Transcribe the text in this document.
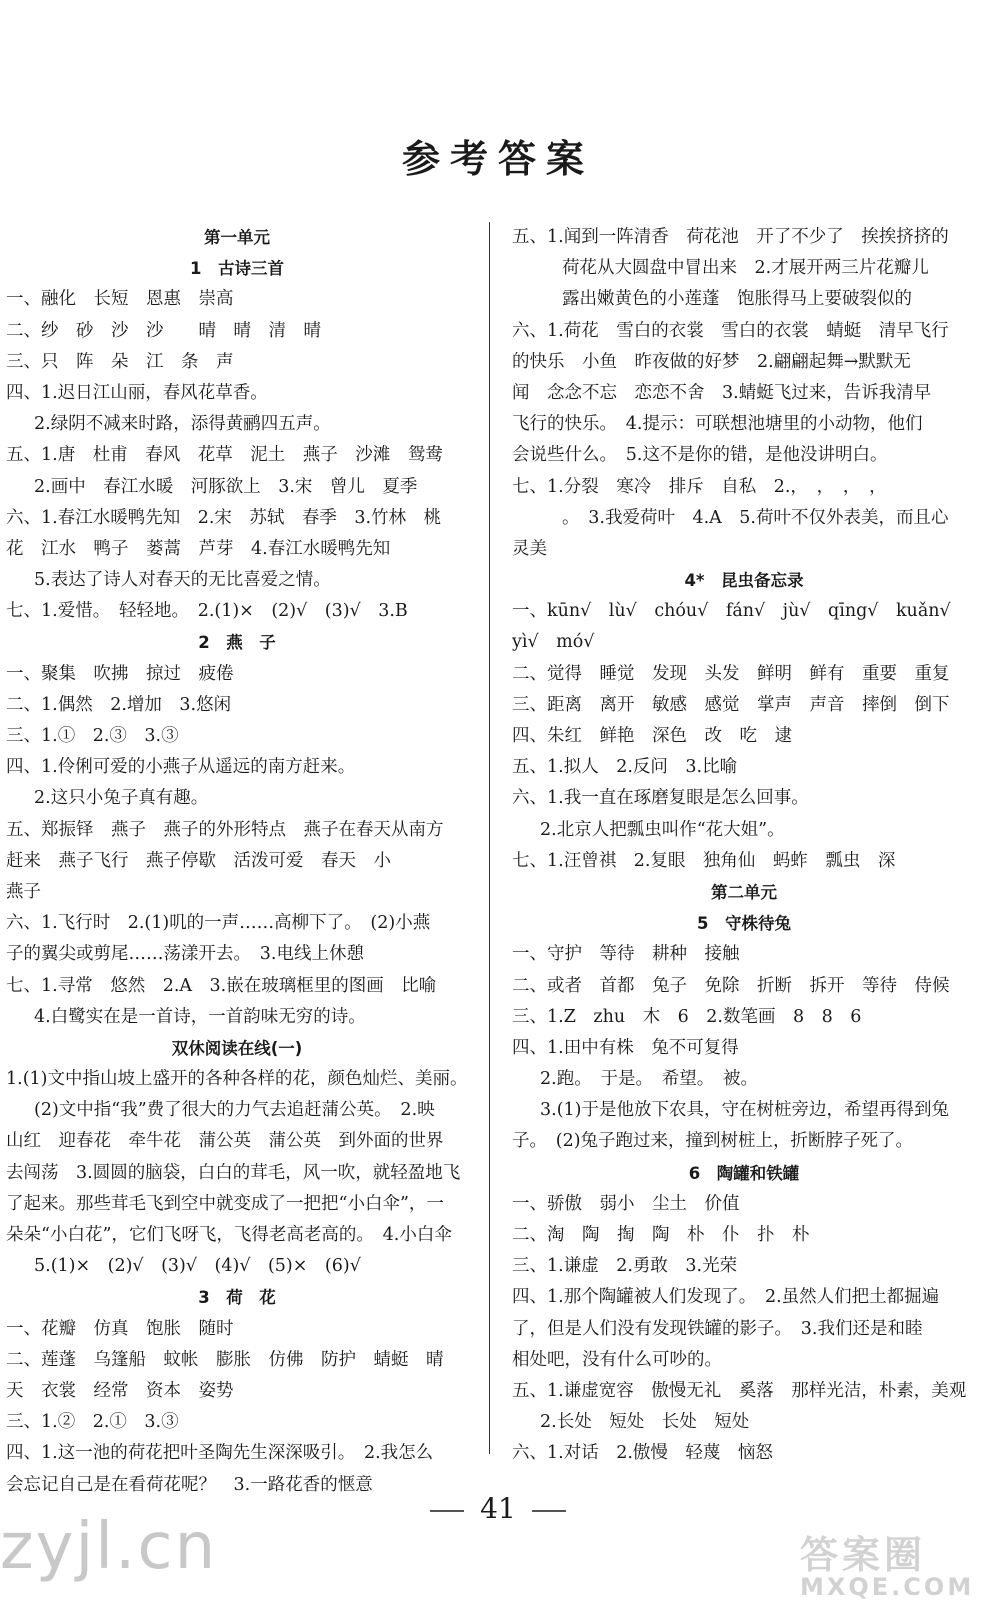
参考答案
第一单元
1　古诗三首
一、融化　长短　恩惠　崇高
二、纱　砂　沙　沙　　晴　晴　清　晴
三、只　阵　朵　江　条　声
四、1.迟日江山丽，春风花草香。
2.绿阴不减来时路，添得黄鹂四五声。
五、1.唐　杜甫　春风　花草　泥土　燕子　沙滩　鸳鸯
2.画中　春江水暖　河豚欲上　3.宋　曾儿　夏季
六、1.春江水暖鸭先知　2.宋　苏轼　春季　3.竹林　桃
花　江水　鸭子　蒌蒿　芦芽　4.春江水暖鸭先知
5.表达了诗人对春天的无比喜爱之情。
七、1.爱惜。　轻轻地。　2.(1)×　(2)√　(3)√　3.B
2　燕　子
一、聚集　吹拂　掠过　疲倦
二、1.偶然　2.增加　3.悠闲
三、1.①　2.③　3.③
四、1.伶俐可爱的小燕子从遥远的南方赶来。
2.这只小兔子真有趣。
五、郑振铎　燕子　燕子的外形特点　燕子在春天从南方
赶来　燕子飞行　燕子停歇　活泼可爱　春天　小
燕子
六、1.飞行时　2.(1)叽的一声……高柳下了。　(2)小燕
子的翼尖或剪尾……荡漾开去。　3.电线上休憩
七、1.寻常　悠然　2.A　3.嵌在玻璃框里的图画　比喻
4.白鹭实在是一首诗，一首韵味无穷的诗。
双休阅读在线(一)
1.(1)文中指山坡上盛开的各种各样的花，颜色灿烂、美丽。
(2)文中指“我”费了很大的力气去追赶蒲公英。　2.映
山红　迎春花　牵牛花　蒲公英　蒲公英　到外面的世界
去闯荡　3.圆圆的脑袋，白白的茸毛，风一吹，就轻盈地飞
了起来。那些茸毛飞到空中就变成了一把把“小白伞”，一
朵朵“小白花”，它们飞呀飞，飞得老高老高的。　4.小白伞
5.(1)×　(2)√　(3)√　(4)√　(5)×　(6)√
3　荷　花
一、花瓣　仿真　饱胀　随时
二、莲蓬　乌篷船　蚊帐　膨胀　仿佛　防护　蜻蜓　晴
天　衣裳　经常　资本　姿势
三、1.②　2.①　3.③
四、1.这一池的荷花把叶圣陶先生深深吸引。　2.我怎么
会忘记自己是在看荷花呢？　3.一路花香的惬意
五、1.闻到一阵清香　荷花池　开了不少了　挨挨挤挤的
荷花从大圆盘中冒出来　2.才展开两三片花瓣儿
露出嫩黄色的小莲蓬　饱胀得马上要破裂似的
六、1.荷花　雪白的衣裳　雪白的衣裳　蜻蜓　清早飞行
的快乐　小鱼　昨夜做的好梦　2.翩翩起舞→默默无
闻　念念不忘　恋恋不舍　3.蜻蜓飞过来，告诉我清早
飞行的快乐。　4.提示：可联想池塘里的小动物，他们
会说些什么。　5.这不是你的错，是他没讲明白。
七、1.分裂　寒冷　排斥　自私　2.，　，　，　，
。　3.我爱荷叶　4.A　5.荷叶不仅外表美，而且心
灵美
4*　昆虫备忘录
一、kūn√　lù√　chóu√　fán√　jù√　qīng√　kuǎn√
yì√　mó√
二、觉得　睡觉　发现　头发　鲜明　鲜有　重要　重复
三、距离　离开　敏感　感觉　掌声　声音　摔倒　倒下
四、朱红　鲜艳　深色　改　吃　逮
五、1.拟人　2.反问　3.比喻
六、1.我一直在琢磨复眼是怎么回事。
2.北京人把瓢虫叫作“花大姐”。
七、1.汪曾祺　2.复眼　独角仙　蚂蚱　瓢虫　深
第二单元
5　守株待兔
一、守护　等待　耕种　接触
二、或者　首都　兔子　免除　折断　拆开　等待　侍候
三、1.Z　zhu　木　6　2.数笔画　8　8　6
四、1.田中有株　兔不可复得
2.跑。　于是。　希望。　被。
3.(1)于是他放下农具，守在树桩旁边，希望再得到兔
子。　(2)兔子跑过来，撞到树桩上，折断脖子死了。
6　陶罐和铁罐
一、骄傲　弱小　尘土　价值
二、淘　陶　掏　陶　朴　仆　扑　朴
三、1.谦虚　2.勇敢　3.光荣
四、1.那个陶罐被人们发现了。　2.虽然人们把土都掘遍
了，但是人们没有发现铁罐的影子。　3.我们还是和睦
相处吧，没有什么可吵的。
五、1.谦虚宽容　傲慢无礼　奚落　那样光洁，朴素，美观
2.长处　短处　长处　短处
六、1.对话　2.傲慢　轻蔑　恼怒
41
zyjl.cn	答案圈
MXQE.COM
